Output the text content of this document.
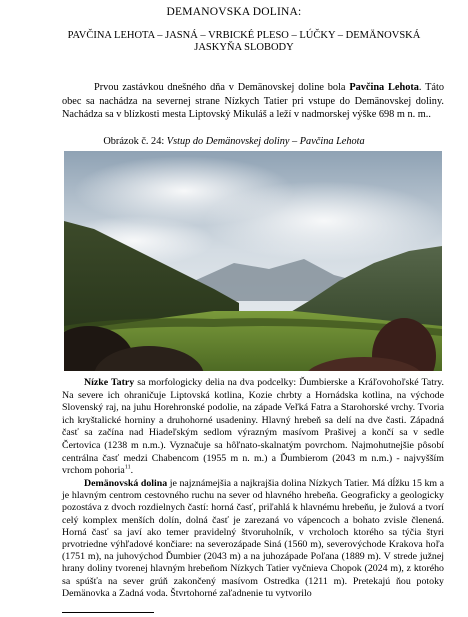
DEMANOVSKA DOLINA:
PAVČINA LEHOTA – JASNÁ – VRBICKÉ PLESO – LÚČKY – DEMÄNOVSKÁ JASKYŇA SLOBODY

Prvou zastávkou dnešného dňa v Demänovskej doline bola Pavčina Lehota. Táto obec sa nachádza na severnej strane Nízkych Tatier pri vstupe do Demänovskej doliny. Nachádza sa v blízkosti mesta Liptovský Mikuláš a leží v nadmorskej výške 698 m n. m..

Obrázok č. 24: Vstup do Demänovskej doliny – Pavčina Lehota

Nízke Tatry sa morfologicky delia na dva podcelky: Ďumbierske a Kráľovohoľské Tatry. Na severe ich ohraničuje Liptovská kotlina, Kozie chrbty a Hornádska kotlina, na východe Slovenský raj, na juhu Horehronské podolie, na západe Veľká Fatra a Starohorské vrchy. Tvoria ich kryštalické horniny a druhohorné usadeniny. Hlavný hrebeň sa delí na dve časti. Západná časť sa začína nad Hiadeľským sedlom výrazným masívom Prašivej a končí sa v sedle Čertovica (1238 m n.m.). Vyznačuje sa hôľnato-skalnatým povrchom. Najmohutnejšie pôsobí centrálna časť medzi Chabencom (1955 m n. m.) a Ďumbierom (2043 m n.m.) - najvyšším vrchom pohoria$^{11}$.

Demänovská dolina je najznámejšia a najkrajšia dolina Nízkych Tatier. Má dĺžku 15 km a je hlavným centrom cestovného ruchu na sever od hlavného hrebeňa. Geograficky a geologicky pozostáva z dvoch rozdielnych častí: horná časť, priľahlá k hlavnému hrebeňu, je žulová a tvorí celý komplex menších dolín, dolná časť je zarezaná vo vápencoch a bohato zvisle členená. Horná časť sa javí ako temer pravidelný štvoruholník, v vrcholoch ktorého sa týčia štyri prvotriedne výhľadové končiare: na severozápade Siná (1560 m), severovýchode Krakova hoľa (1751 m), na juhovýchod Ďumbier (2043 m) a na juhozápade Poľana (1889 m). V strede južnej hrany doliny tvorenej hlavným hrebeňom Nízkych Tatier vyčnieva Chopok (2024 m), z ktorého sa spúšťa na sever grúň zakončený masívom Ostredka (1211 m). Pretekajú ňou potoky Demänovka a Zadná voda. Štvrtohorné zaľadnenie tu vytvorilo
